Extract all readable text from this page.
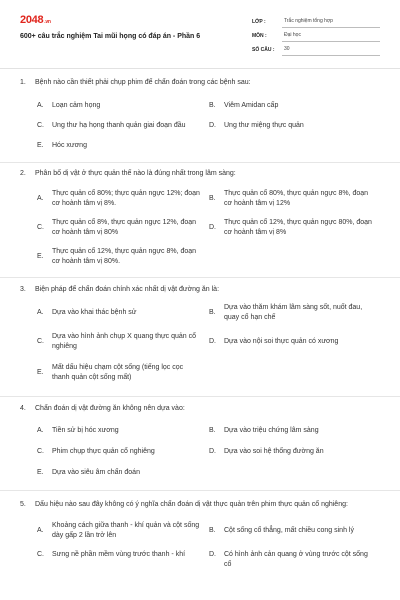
2048.vn
600+ câu trắc nghiệm Tai mũi họng có đáp án - Phần 6
LỚP :	Trắc nghiệm tổng hợp
MÔN :	Đại học
SỐ CÂU :	30
1.	Bệnh nào cần thiết phải chụp phim để chẩn đoán trong các bệnh sau:
A.	Loạn cảm họng	B.	Viêm Amidan cấp
C.	Ung thư hạ họng thanh quản giai đoạn đầu	D.	Ung thư miệng thực quản
E.	Hóc xương
2.	Phân bố dị vật ở thực quản thế nào là đúng nhất trong lâm sàng:
A.
Thực quản cổ 80%; thực quản ngực 12%; đoạn cơ hoành tâm vị 8%.
B.
Thực quản cổ 80%, thực quản ngực 8%, đoạn cơ hoành tâm vị 12%
C.
Thực quản cổ 8%, thực quản ngực 12%, đoạn cơ hoành tâm vị 80%
D.
Thực quản cổ 12%, thực quản ngực 80%, đoạn cơ hoành tâm vị 8%
E.
Thực quản cổ 12%, thực quản ngực 8%, đoạn cơ hoành tâm vị 80%.
3.	Biện pháp để chẩn đoán chính xác nhất dị vật đường ăn là:
A.	Dựa vào khai thác bệnh sử	B.
Dựa vào thăm khám lâm sàng sốt, nuốt đau, quay cổ hạn chế
C.
Dựa vào hình ảnh chụp X quang thực quản cổ nghiêng
D.	Dựa vào nội soi thực quản có xương
E.
Mất dấu hiệu chạm cột sống (tiếng lọc cọc thanh quản cột sống mất)
4.	Chẩn đoán dị vật đường ăn không nên dựa vào:
A.	Tiền sử bị hóc xương	B.	Dựa vào triệu chứng lâm sàng
C.	Phim chụp thực quản cổ nghiêng	D.	Dựa vào soi hệ thống đường ăn
E.	Dựa vào siêu âm chẩn đoán
5.	Dấu hiệu nào sau đây không có ý nghĩa chẩn đoán dị vật thực quản trên phim thực quản cổ nghiêng:
A.
Khoảng cách giữa thanh - khí quản và cột sống dày gấp 2 lần trở lên
B.	Cột sống cổ thẳng, mất chiều cong sinh lý
C.	Sưng nề phần mềm vùng trước thanh - khí	D.	Có hình ảnh cản quang ở vùng trước cột sống cổ
